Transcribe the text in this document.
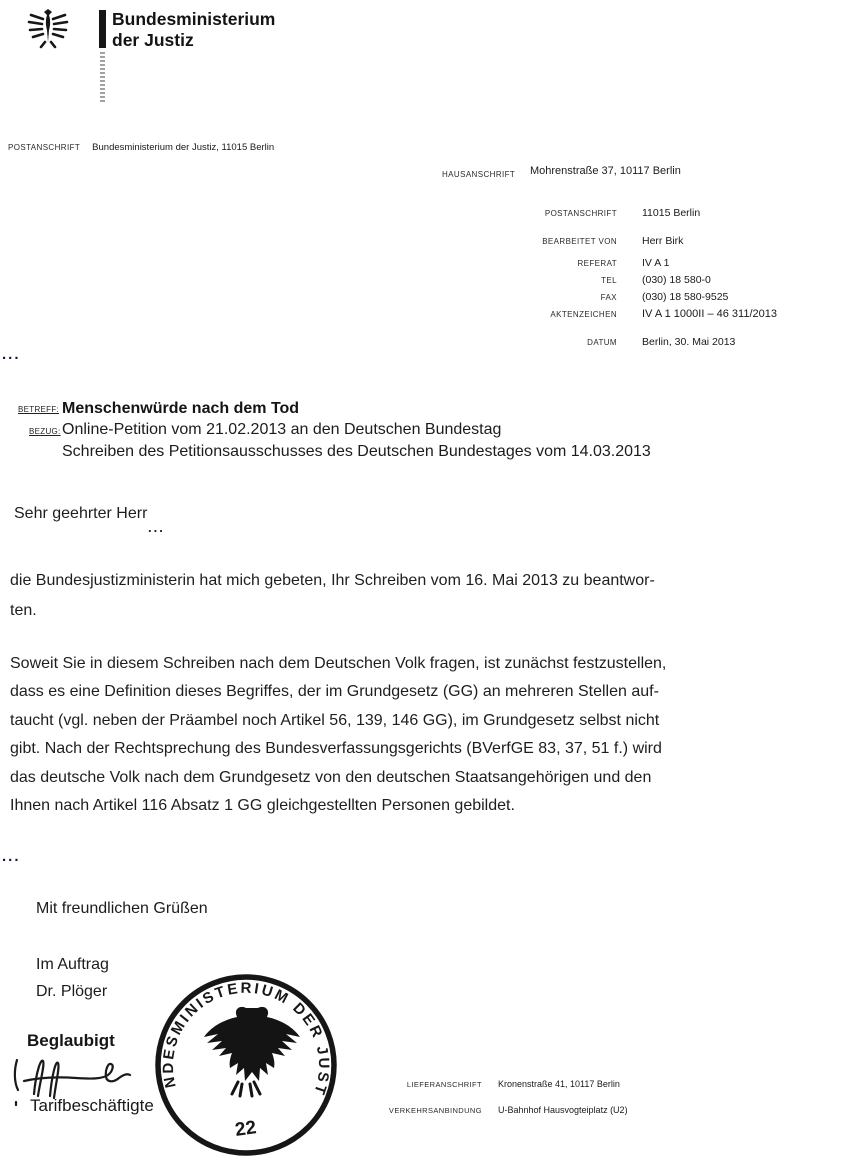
Bundesministerium
der Justiz
POSTANSCHRIFT Bundesministerium der Justiz, 11015 Berlin
HAUSANSCHRIFT Mohrenstraße 37, 10117 Berlin
POSTANSCHRIFT 11015 Berlin
BEARBEITET VON Herr Birk
REFERAT IV A 1
TEL (030) 18 580-0
FAX (030) 18 580-9525
AKTENZEICHEN IV A 1 1000II – 46 311/2013
DATUM Berlin, 30. Mai 2013
...
BETREFF: Menschenwürde nach dem Tod
BEZUG: Online-Petition vom 21.02.2013 an den Deutschen Bundestag
Schreiben des Petitionsausschusses des Deutschen Bundestages vom 14.03.2013
Sehr geehrter Herr
...
die Bundesjustizministerin hat mich gebeten, Ihr Schreiben vom 16. Mai 2013 zu beantwor-
ten.
Soweit Sie in diesem Schreiben nach dem Deutschen Volk fragen, ist zunächst festzustellen,
dass es eine Definition dieses Begriffes, der im Grundgesetz (GG) an mehreren Stellen auf-
taucht (vgl. neben der Präambel noch Artikel 56, 139, 146 GG), im Grundgesetz selbst nicht
gibt. Nach der Rechtsprechung des Bundesverfassungsgerichts (BVerfGE 83, 37, 51 f.) wird
das deutsche Volk nach dem Grundgesetz von den deutschen Staatsangehörigen und den
Ihnen nach Artikel 116 Absatz 1 GG gleichgestellten Personen gebildet.
...
Mit freundlichen Grüßen
Im Auftrag
Dr. Plöger
Beglaubigt
Tarifbeschäftigte
NDESMINISTERIUM DER JUST
22
LIEFERANSCHRIFT Kronenstraße 41, 10117 Berlin
VERKEHRSANBINDUNG U-Bahnhof Hausvogteiplatz (U2)
